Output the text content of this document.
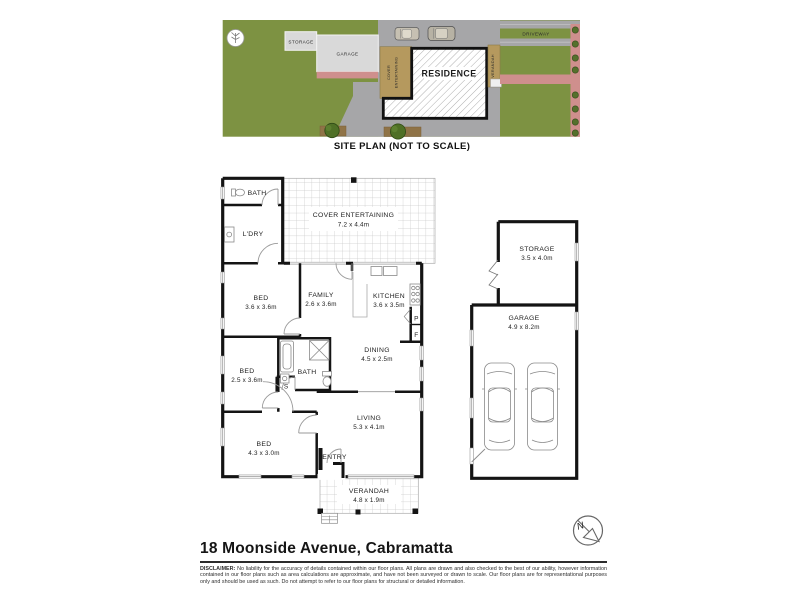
DRIVEWAY
STORAGE
GARAGE
COVER ENTERTAINING	RESIDENCE	VERANDAH
BATH
L'DRY
COVER ENTERTAINING
7.2 x 4.4m
BED
3.6 x 3.6m
FAMILY
2.6 x 3.6m
KITCHEN
3.6 x 3.5m
DINING
4.5 x 2.5m
BED
2.5 x 3.6m
BATH
BED
4.3 x 3.0m
LIVING
5.3 x 4.1m
ENTRY
VERANDAH
4.8 x 1.9m
P
F
S
STORAGE
3.5 x 4.0m
GARAGE
4.9 x 8.2m
N
SITE PLAN (NOT TO SCALE)
18 Moonside Avenue, Cabramatta
DISCLAIMER: No liability for the accuracy of details contained within our floor plans. All plans are drawn and also checked to the best of our ability, however information contained in our floor plans such as area calculations are approximate, and have not been surveyed or drawn to scale. Our floor plans are for representational purposes only and should be used as such. Do not attempt to refer to our floor plans for structural or detailed information.
